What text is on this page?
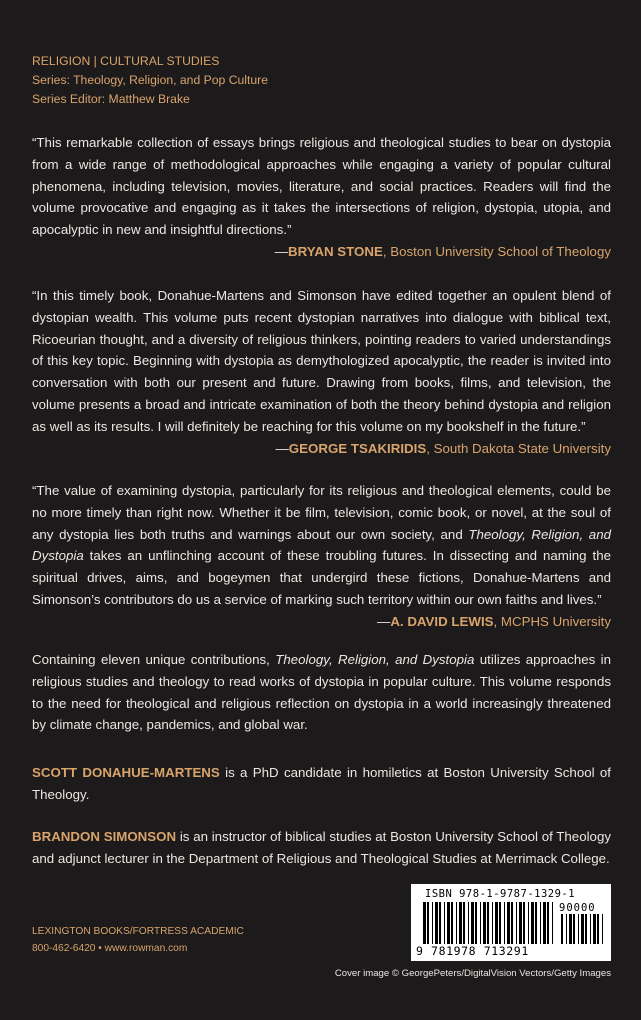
RELIGION | CULTURAL STUDIES
Series: Theology, Religion, and Pop Culture
Series Editor: Matthew Brake

“This remarkable collection of essays brings religious and theological studies to bear on dystopia from a wide range of methodological approaches while engaging a variety of popular cultural phenomena, including television, movies, literature, and social practices. Readers will find the volume provocative and engaging as it takes the intersections of religion, dystopia, utopia, and apocalyptic in new and insightful directions.”

—BRYAN STONE, Boston University School of Theology

“In this timely book, Donahue-Martens and Simonson have edited together an opulent blend of dystopian wealth. This volume puts recent dystopian narratives into dialogue with biblical text, Ricoeurian thought, and a diversity of religious thinkers, pointing readers to varied understandings of this key topic. Beginning with dystopia as demythologized apocalyptic, the reader is invited into conversation with both our present and future. Drawing from books, films, and television, the volume presents a broad and intricate examination of both the theory behind dystopia and religion as well as its results. I will definitely be reaching for this volume on my bookshelf in the future.”

—GEORGE TSAKIRIDIS, South Dakota State University

“The value of examining dystopia, particularly for its religious and theological elements, could be no more timely than right now. Whether it be film, television, comic book, or novel, at the soul of any dystopia lies both truths and warnings about our own society, and Theology, Religion, and Dystopia takes an unflinching account of these troubling futures. In dissecting and naming the spiritual drives, aims, and bogeymen that undergird these fictions, Donahue-Martens and Simonson’s contributors do us a service of marking such territory within our own faiths and lives.”

—A. DAVID LEWIS, MCPHS University

Containing eleven unique contributions, Theology, Religion, and Dystopia utilizes approaches in religious studies and theology to read works of dystopia in popular culture. This volume responds to the need for theological and religious reflection on dystopia in a world increasingly threatened by climate change, pandemics, and global war.
SCOTT DONAHUE-MARTENS is a PhD candidate in homiletics at Boston University School of Theology.
BRANDON SIMONSON is an instructor of biblical studies at Boston University School of Theology and adjunct lecturer in the Department of Religious and Theological Studies at Merrimack College.
LEXINGTON BOOKS/FORTRESS ACADEMIC
800-462-6420 • www.rowman.com
ISBN 978-1-9787-1329-1
90000
9 781978 713291
Cover image © GeorgePeters/DigitalVision Vectors/Getty Images
